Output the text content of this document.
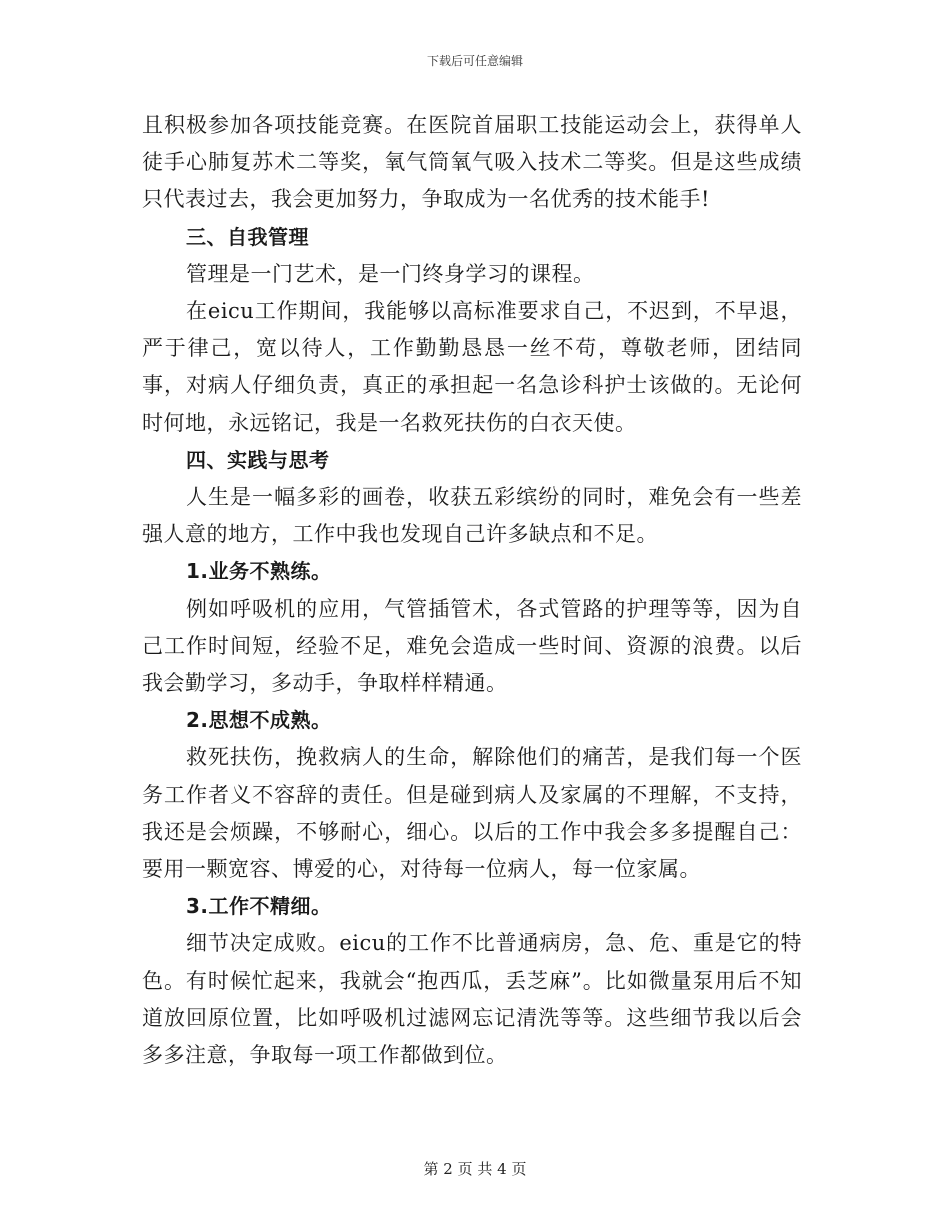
下载后可任意编辑

且积极参加各项技能竞赛。在医院首届职工技能运动会上，获得单人徒手心肺复苏术二等奖，氧气筒氧气吸入技术二等奖。但是这些成绩只代表过去，我会更加努力，争取成为一名优秀的技术能手!

三、自我管理

管理是一门艺术，是一门终身学习的课程。

在eicu工作期间，我能够以高标准要求自己，不迟到，不早退，严于律己，宽以待人，工作勤勤恳恳一丝不苟，尊敬老师，团结同事，对病人仔细负责，真正的承担起一名急诊科护士该做的。无论何时何地，永远铭记，我是一名救死扶伤的白衣天使。

四、实践与思考

人生是一幅多彩的画卷，收获五彩缤纷的同时，难免会有一些差强人意的地方，工作中我也发现自己许多缺点和不足。

1.业务不熟练。

例如呼吸机的应用，气管插管术，各式管路的护理等等，因为自己工作时间短，经验不足，难免会造成一些时间、资源的浪费。以后我会勤学习，多动手，争取样样精通。

2.思想不成熟。

救死扶伤，挽救病人的生命，解除他们的痛苦，是我们每一个医务工作者义不容辞的责任。但是碰到病人及家属的不理解，不支持，我还是会烦躁，不够耐心，细心。以后的工作中我会多多提醒自己：要用一颗宽容、博爱的心，对待每一位病人，每一位家属。

3.工作不精细。

细节决定成败。eicu的工作不比普通病房，急、危、重是它的特色。有时候忙起来，我就会“抱西瓜，丢芝麻”。比如微量泵用后不知道放回原位置，比如呼吸机过滤网忘记清洗等等。这些细节我以后会多多注意，争取每一项工作都做到位。

第 2 页 共 4 页
